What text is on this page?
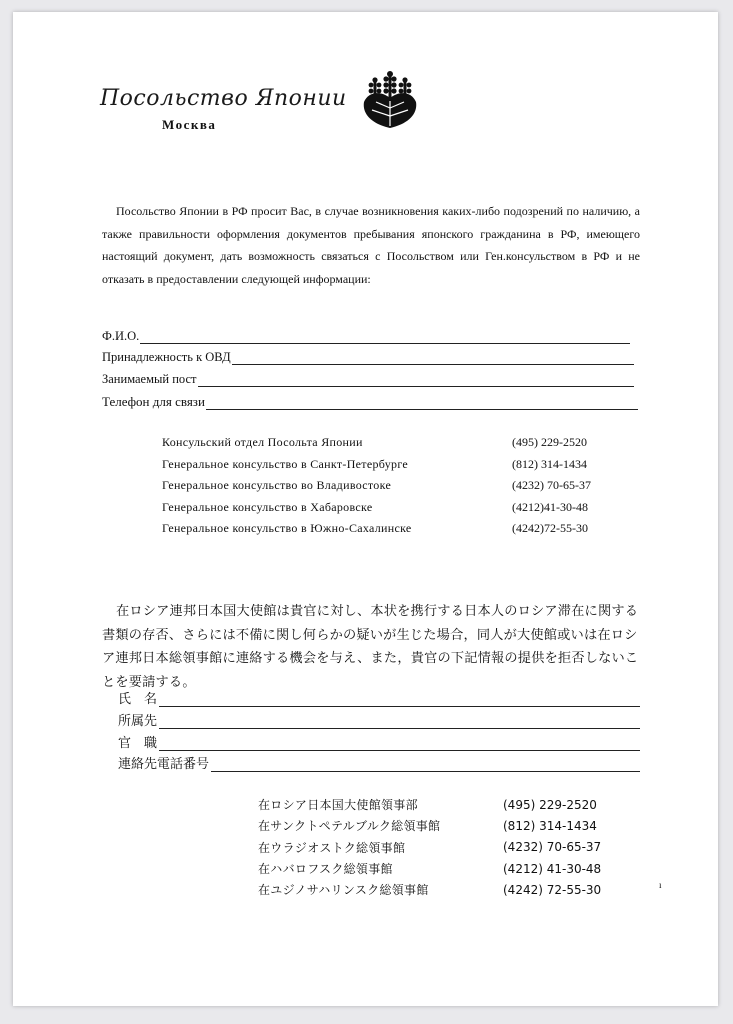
Посольство Японии
Москва
Посольство Японии в РФ просит Вас, в случае возникновения каких-либо подозрений по наличию, а также правильности оформления документов пребывания японского гражданина в РФ, имеющего настоящий документ, дать возможность связаться с Посольством или Ген.консульством в РФ и не отказать в предоставлении следующей информации:
Ф.И.О.
Принадлежность к ОВД
Занимаемый пост
Телефон для связи
Консульский отдел Посольта Японии	(495) 229-2520
Генеральное консульство в Санкт-Петербурге	(812) 314-1434
Генеральное консульство во Владивостоке	(4232) 70-65-37
Генеральное консульство в Хабаровске	(4212)41-30-48
Генеральное консульство в Южно-Сахалинске	(4242)72-55-30
在ロシア連邦日本国大使館は貴官に対し、本状を携行する日本人のロシア滞在に関する書類の存否、さらには不備に関し何らかの疑いが生じた場合，同人が大使館或いは在ロシア連邦日本総領事館に連絡する機会を与え、また，貴官の下記情報の提供を拒否しないことを要請する。
氏　名
所属先
官　職
連絡先電話番号
在ロシア日本国大使館領事部	(495) 229-2520
在サンクトペテルブルク総領事館	(812) 314-1434
在ウラジオストク総領事館	(4232) 70-65-37
在ハバロフスク総領事館	(4212) 41-30-48
在ユジノサハリンスク総領事館	(4242) 72-55-30	ı
